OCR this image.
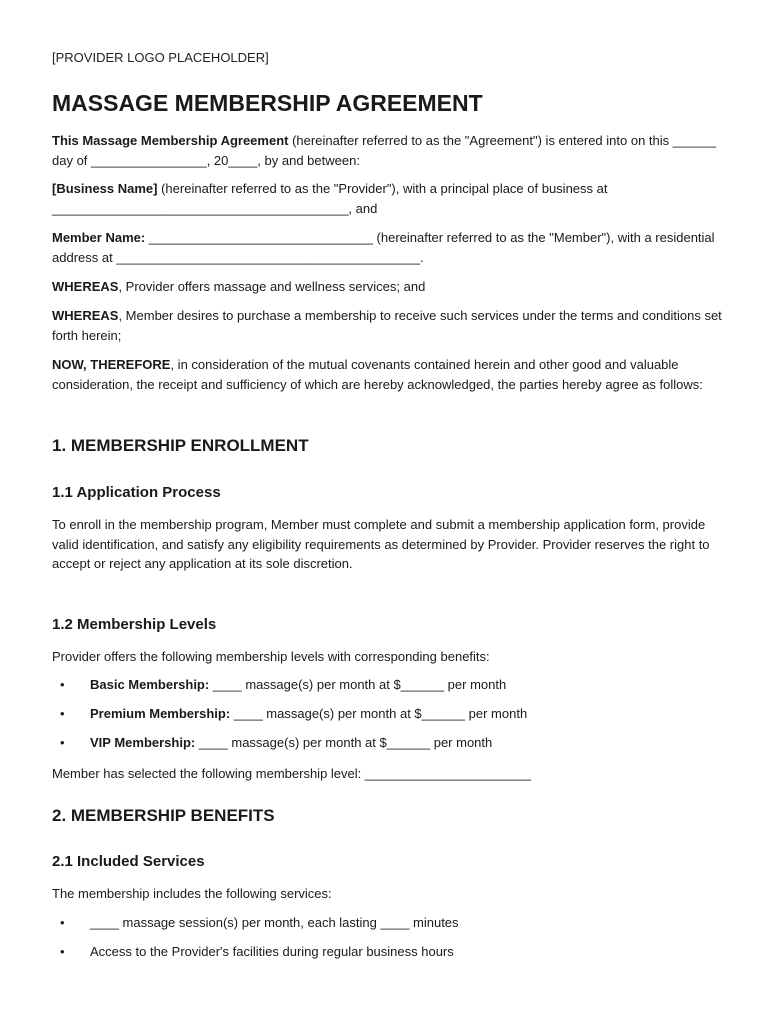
[PROVIDER LOGO PLACEHOLDER]
MASSAGE MEMBERSHIP AGREEMENT

This Massage Membership Agreement (hereinafter referred to as the "Agreement") is entered into on this ______ day of ________________, 20____, by and between:

[Business Name] (hereinafter referred to as the "Provider"), with a principal place of business at _________________________________________, and

Member Name: _______________________________ (hereinafter referred to as the "Member"), with a residential address at __________________________________________.

WHEREAS, Provider offers massage and wellness services; and

WHEREAS, Member desires to purchase a membership to receive such services under the terms and conditions set forth herein;

NOW, THEREFORE, in consideration of the mutual covenants contained herein and other good and valuable consideration, the receipt and sufficiency of which are hereby acknowledged, the parties hereby agree as follows:

1. MEMBERSHIP ENROLLMENT
1.1 Application Process

To enroll in the membership program, Member must complete and submit a membership application form, provide valid identification, and satisfy any eligibility requirements as determined by Provider. Provider reserves the right to accept or reject any application at its sole discretion.

1.2 Membership Levels

Provider offers the following membership levels with corresponding benefits:

• Basic Membership: ____ massage(s) per month at $______ per month
• Premium Membership: ____ massage(s) per month at $______ per month
• VIP Membership: ____ massage(s) per month at $______ per month

Member has selected the following membership level: _______________________

2. MEMBERSHIP BENEFITS
2.1 Included Services

The membership includes the following services:

• ____ massage session(s) per month, each lasting ____ minutes
• Access to the Provider's facilities during regular business hours
